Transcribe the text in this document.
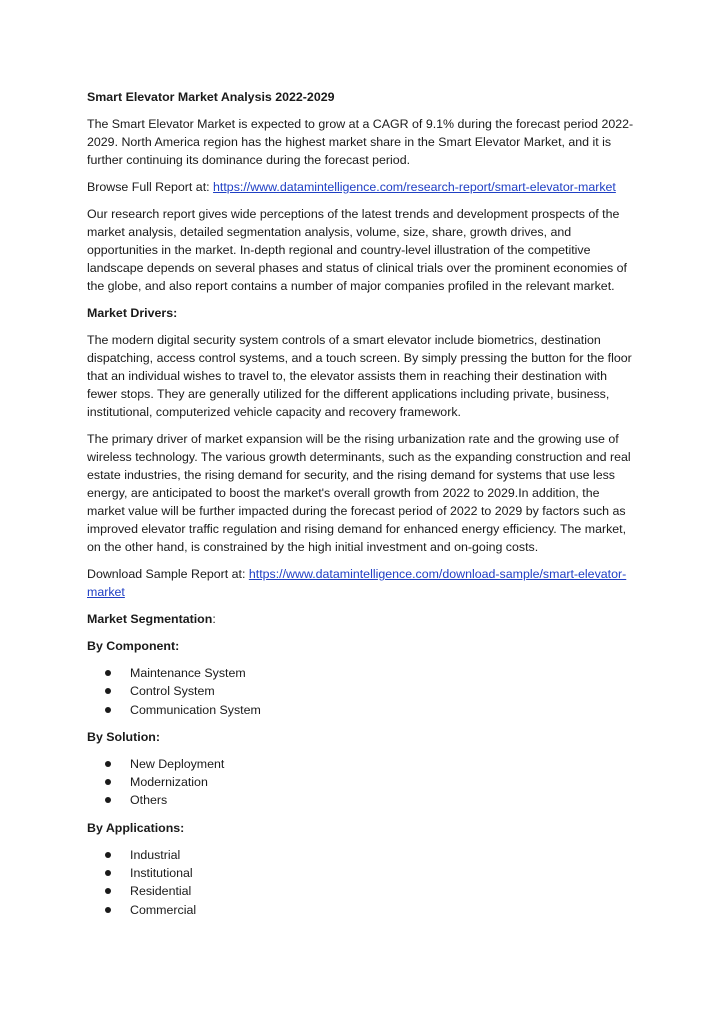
Smart Elevator Market Analysis 2022-2029
The Smart Elevator Market is expected to grow at a CAGR of 9.1% during the forecast period 2022-2029. North America region has the highest market share in the Smart Elevator Market, and it is further continuing its dominance during the forecast period.
Browse Full Report at: https://www.datamintelligence.com/research-report/smart-elevator-market
Our research report gives wide perceptions of the latest trends and development prospects of the market analysis, detailed segmentation analysis, volume, size, share, growth drives, and opportunities in the market. In-depth regional and country-level illustration of the competitive landscape depends on several phases and status of clinical trials over the prominent economies of the globe, and also report contains a number of major companies profiled in the relevant market.
Market Drivers:
The modern digital security system controls of a smart elevator include biometrics, destination dispatching, access control systems, and a touch screen. By simply pressing the button for the floor that an individual wishes to travel to, the elevator assists them in reaching their destination with fewer stops. They are generally utilized for the different applications including private, business, institutional, computerized vehicle capacity and recovery framework.
The primary driver of market expansion will be the rising urbanization rate and the growing use of wireless technology. The various growth determinants, such as the expanding construction and real estate industries, the rising demand for security, and the rising demand for systems that use less energy, are anticipated to boost the market's overall growth from 2022 to 2029.In addition, the market value will be further impacted during the forecast period of 2022 to 2029 by factors such as improved elevator traffic regulation and rising demand for enhanced energy efficiency. The market, on the other hand, is constrained by the high initial investment and on-going costs.
Download Sample Report at: https://www.datamintelligence.com/download-sample/smart-elevator-market
Market Segmentation:
By Component:
Maintenance System
Control System
Communication System
By Solution:
New Deployment
Modernization
Others
By Applications:
Industrial
Institutional
Residential
Commercial
